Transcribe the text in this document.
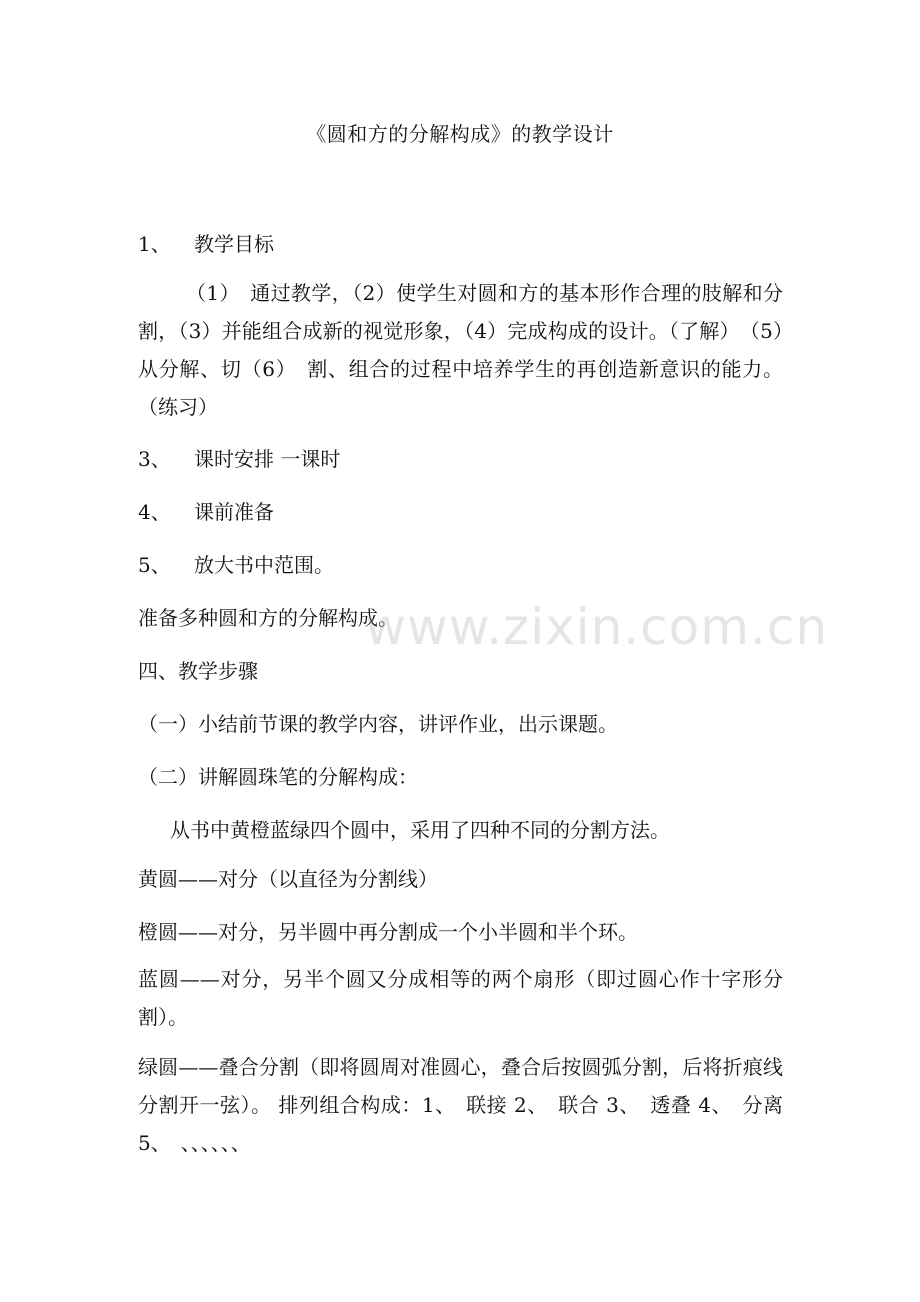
《圆和方的分解构成》的教学设计
1、 教学目标
（1）　通过教学，（2）使学生对圆和方的基本形作合理的肢解和分割，（3）并能组合成新的视觉形象，（4）完成构成的设计。（了解）　（5）　从分解、切（6）　割、组合的过程中培养学生的再创造新意识的能力。（练习）
3、 课时安排 一课时
4、 课前准备
5、 放大书中范围。
准备多种圆和方的分解构成。
四、教学步骤
（一）小结前节课的教学内容，讲评作业，出示课题。
（二）讲解圆珠笔的分解构成：
从书中黄橙蓝绿四个圆中，采用了四种不同的分割方法。
黄圆——对分（以直径为分割线）
橙圆——对分，另半圆中再分割成一个小半圆和半个环。
蓝圆——对分，另半个圆又分成相等的两个扇形（即过圆心作十字形分割）。
绿圆——叠合分割（即将圆周对准圆心，叠合后按圆弧分割，后将折痕线分割开一弦）。 排列组合构成：1、　联接 2、　联合 3、　透叠 4、　分离 5、　、、、、、、
www.zixin.com.cn
